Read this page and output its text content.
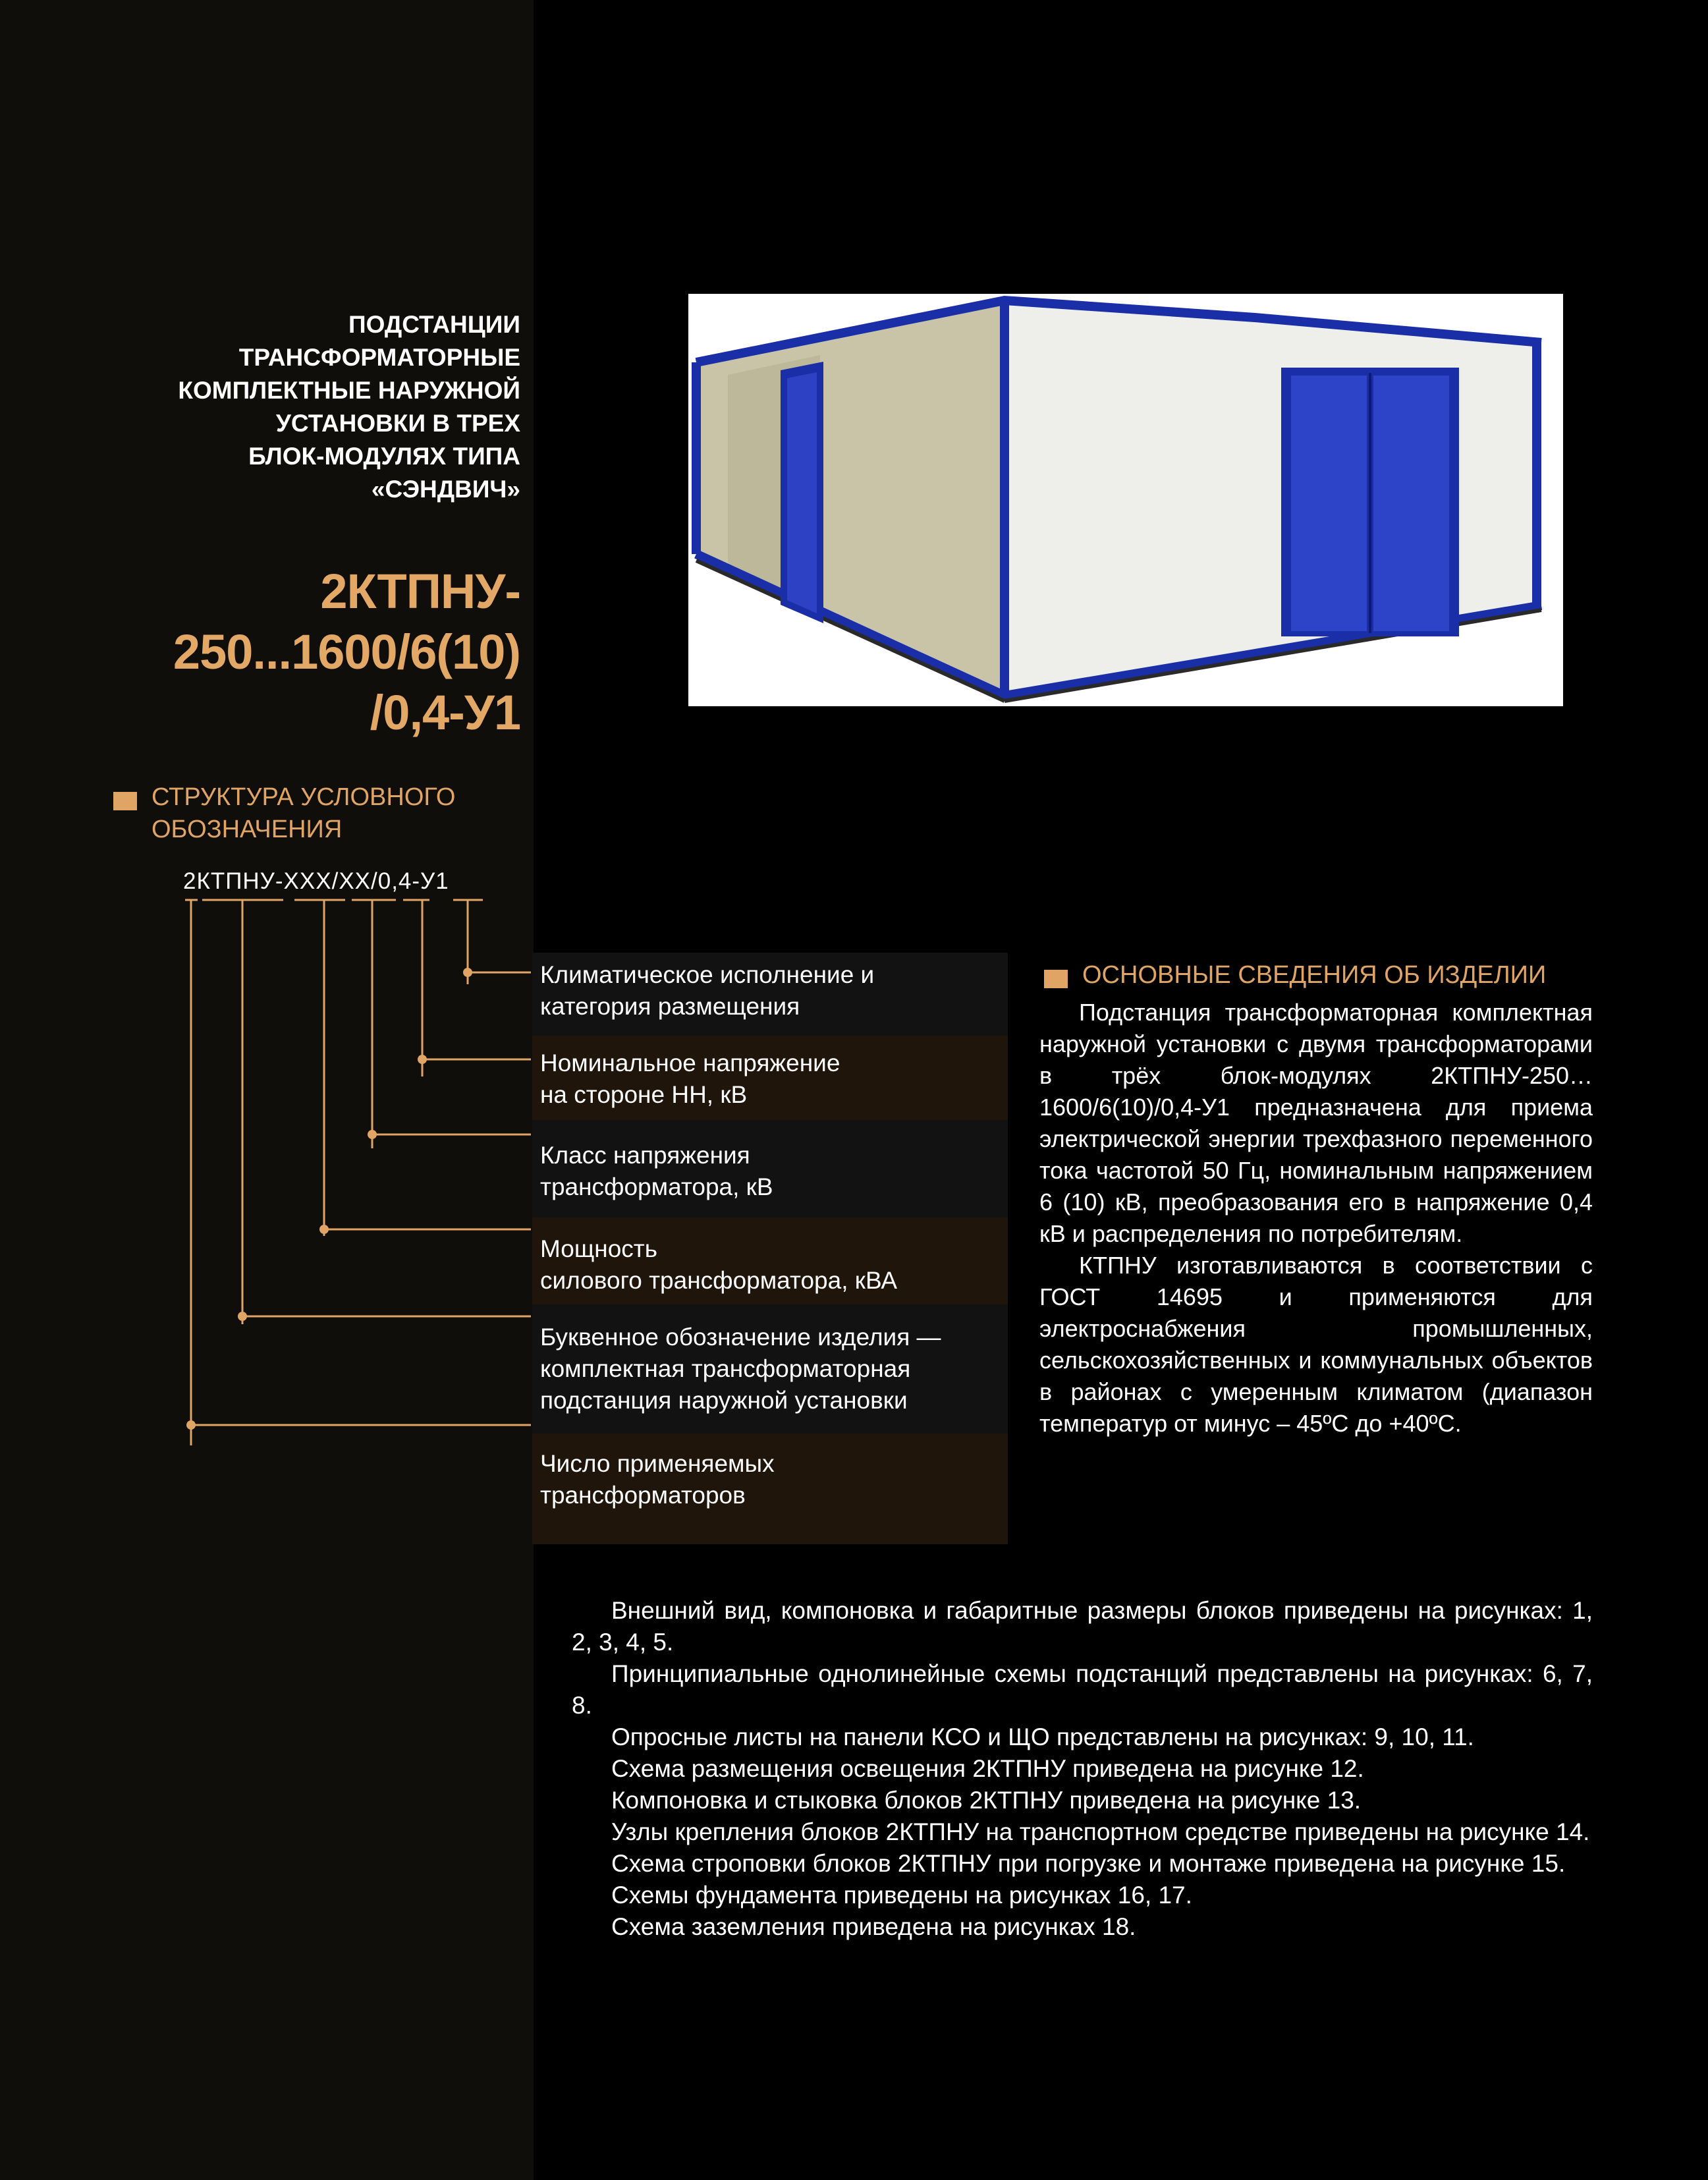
ПОДСТАНЦИИ
ТРАНСФОРМАТОРНЫЕ
КОМПЛЕКТНЫЕ НАРУЖНОЙ
УСТАНОВКИ В ТРЕХ
БЛОК-МОДУЛЯХ ТИПА
«СЭНДВИЧ»
2КТПНУ-
250...1600/6(10)
/0,4-У1
СТРУКТУРА УСЛОВНОГО
ОБОЗНАЧЕНИЯ
2КТПНУ-ХХХ/ХХ/0,4-У1
Климатическое исполнение и
категория размещения
Номинальное напряжение
на стороне НН, кВ
Класс напряжения
трансформатора, кВ
Мощность
силового трансформатора, кВА
Буквенное обозначение изделия —
комплектная трансформаторная
подстанция наружной установки
Число применяемых
трансформаторов
ОСНОВНЫЕ СВЕДЕНИЯ ОБ ИЗДЕЛИИ

Подстанция трансформаторная комплектная наружной установки с двумя трансформаторами в трёх блок-модулях 2КТПНУ-250…1600/6(10)/0,4-У1 предназначена для приема электрической энергии трехфазного переменного тока частотой 50 Гц, номинальным напряжением 6 (10) кВ, преобразования его в напряжение 0,4 кВ и распределения по потребителям.

КТПНУ изготавливаются в соответствии с ГОСТ 14695 и применяются для электроснабжения промышленных, сельскохозяйственных и коммунальных объектов в районах с умеренным климатом (диапазон температур от минус – 45ºС до +40ºС.

Внешний вид, компоновка и габаритные размеры блоков приведены на рисунках: 1, 2, 3, 4, 5.

Принципиальные однолинейные схемы подстанций представлены на рисунках: 6, 7, 8.

Опросные листы на панели КСО и ЩО представлены на рисунках: 9, 10, 11.

Схема размещения освещения 2КТПНУ приведена на рисунке 12.

Компоновка и стыковка блоков 2КТПНУ приведена на рисунке 13.

Узлы крепления блоков 2КТПНУ на транспортном средстве приведены на рисунке 14.

Схема строповки блоков 2КТПНУ при погрузке и монтаже приведена на рисунке 15.

Схемы фундамента приведены на рисунках 16, 17.

Схема заземления приведена на рисунках 18.
